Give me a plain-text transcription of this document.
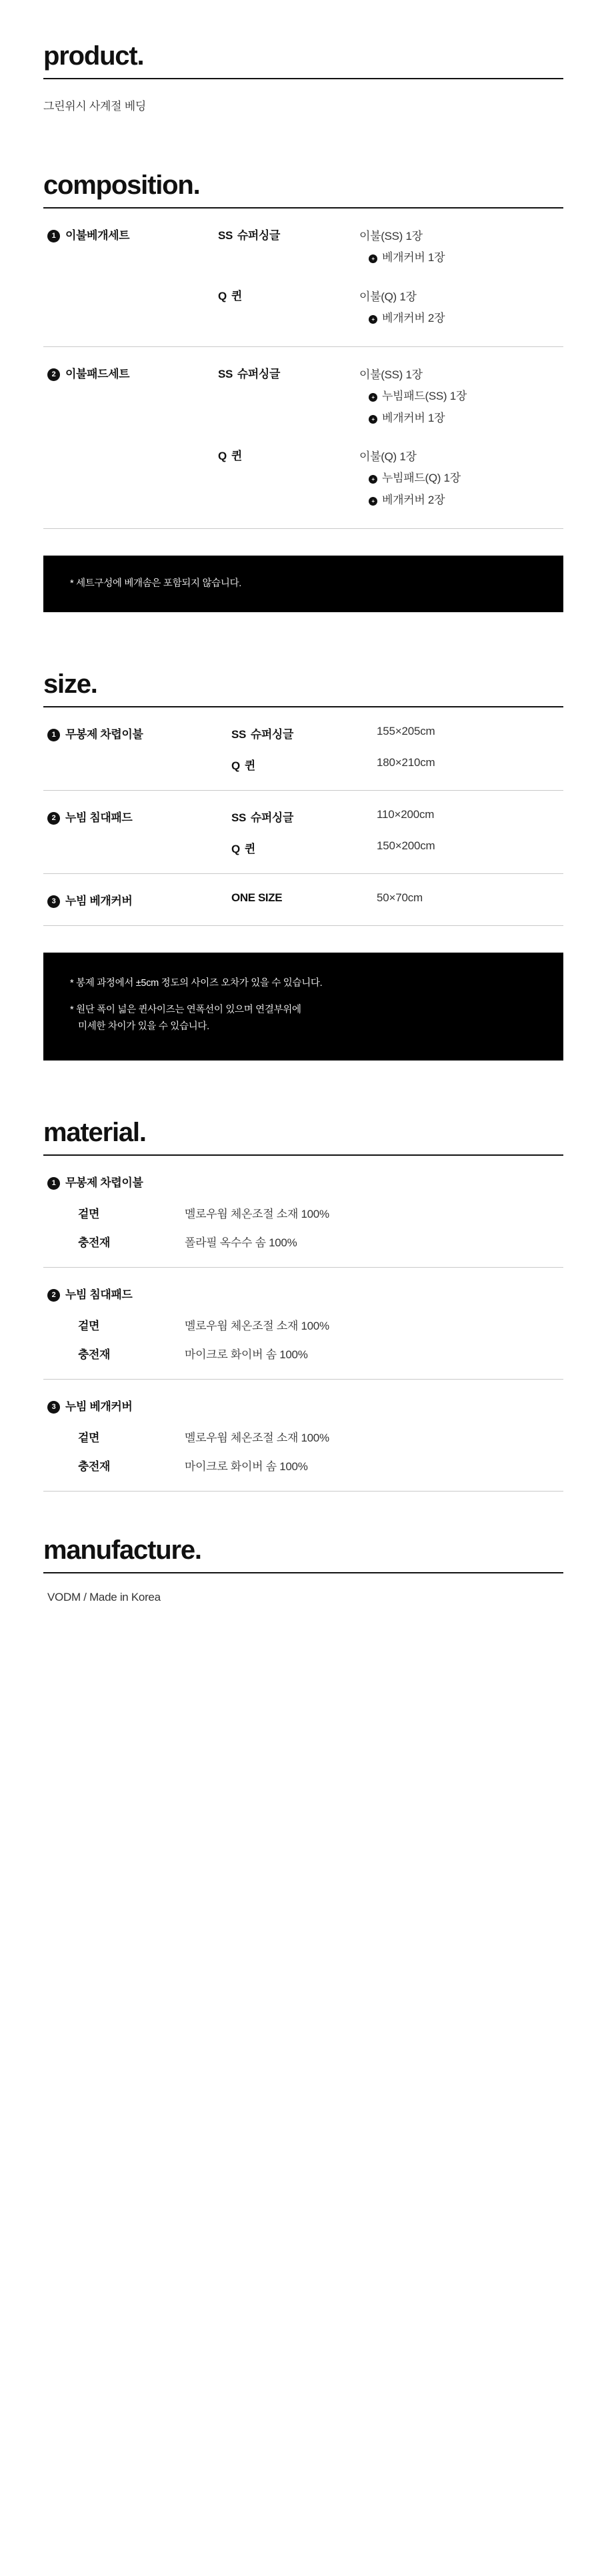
product.
그린위시 사계절 베딩
composition.
1 이불베개세트	SS 슈퍼싱글	이불(SS) 1장
+ 베개커버 1장
Q 퀸	이불(Q) 1장
+ 베개커버 2장
2 이불패드세트	SS 슈퍼싱글	이불(SS) 1장
+ 누빔패드(SS) 1장
+ 베개커버 1장
Q 퀸	이불(Q) 1장
+ 누빔패드(Q) 1장
+ 베개커버 2장

* 세트구성에 베개솜은 포함되지 않습니다.

size.
1 무봉제 차렵이불	SS 슈퍼싱글	155×205cm
Q 퀸	180×210cm
2 누빔 침대패드	SS 슈퍼싱글	110×200cm
Q 퀸	150×200cm
3 누빔 베개커버	ONE SIZE	50×70cm

* 봉제 과정에서 ±5cm 정도의 사이즈 오차가 있을 수 있습니다.

* 원단 폭이 넓은 퀸사이즈는 연폭선이 있으며 연결부위에
미세한 차이가 있을 수 있습니다.

material.
1 무봉제 차렵이불
겉면	멜로우웜 체온조절 소재 100%
충전재	폴라필 옥수수 솜 100%
2 누빔 침대패드
겉면	멜로우웜 체온조절 소재 100%
충전재	마이크로 화이버 솜 100%
3 누빔 베개커버
겉면	멜로우웜 체온조절 소재 100%
충전재	마이크로 화이버 솜 100%
manufacture.
VODM / Made in Korea
